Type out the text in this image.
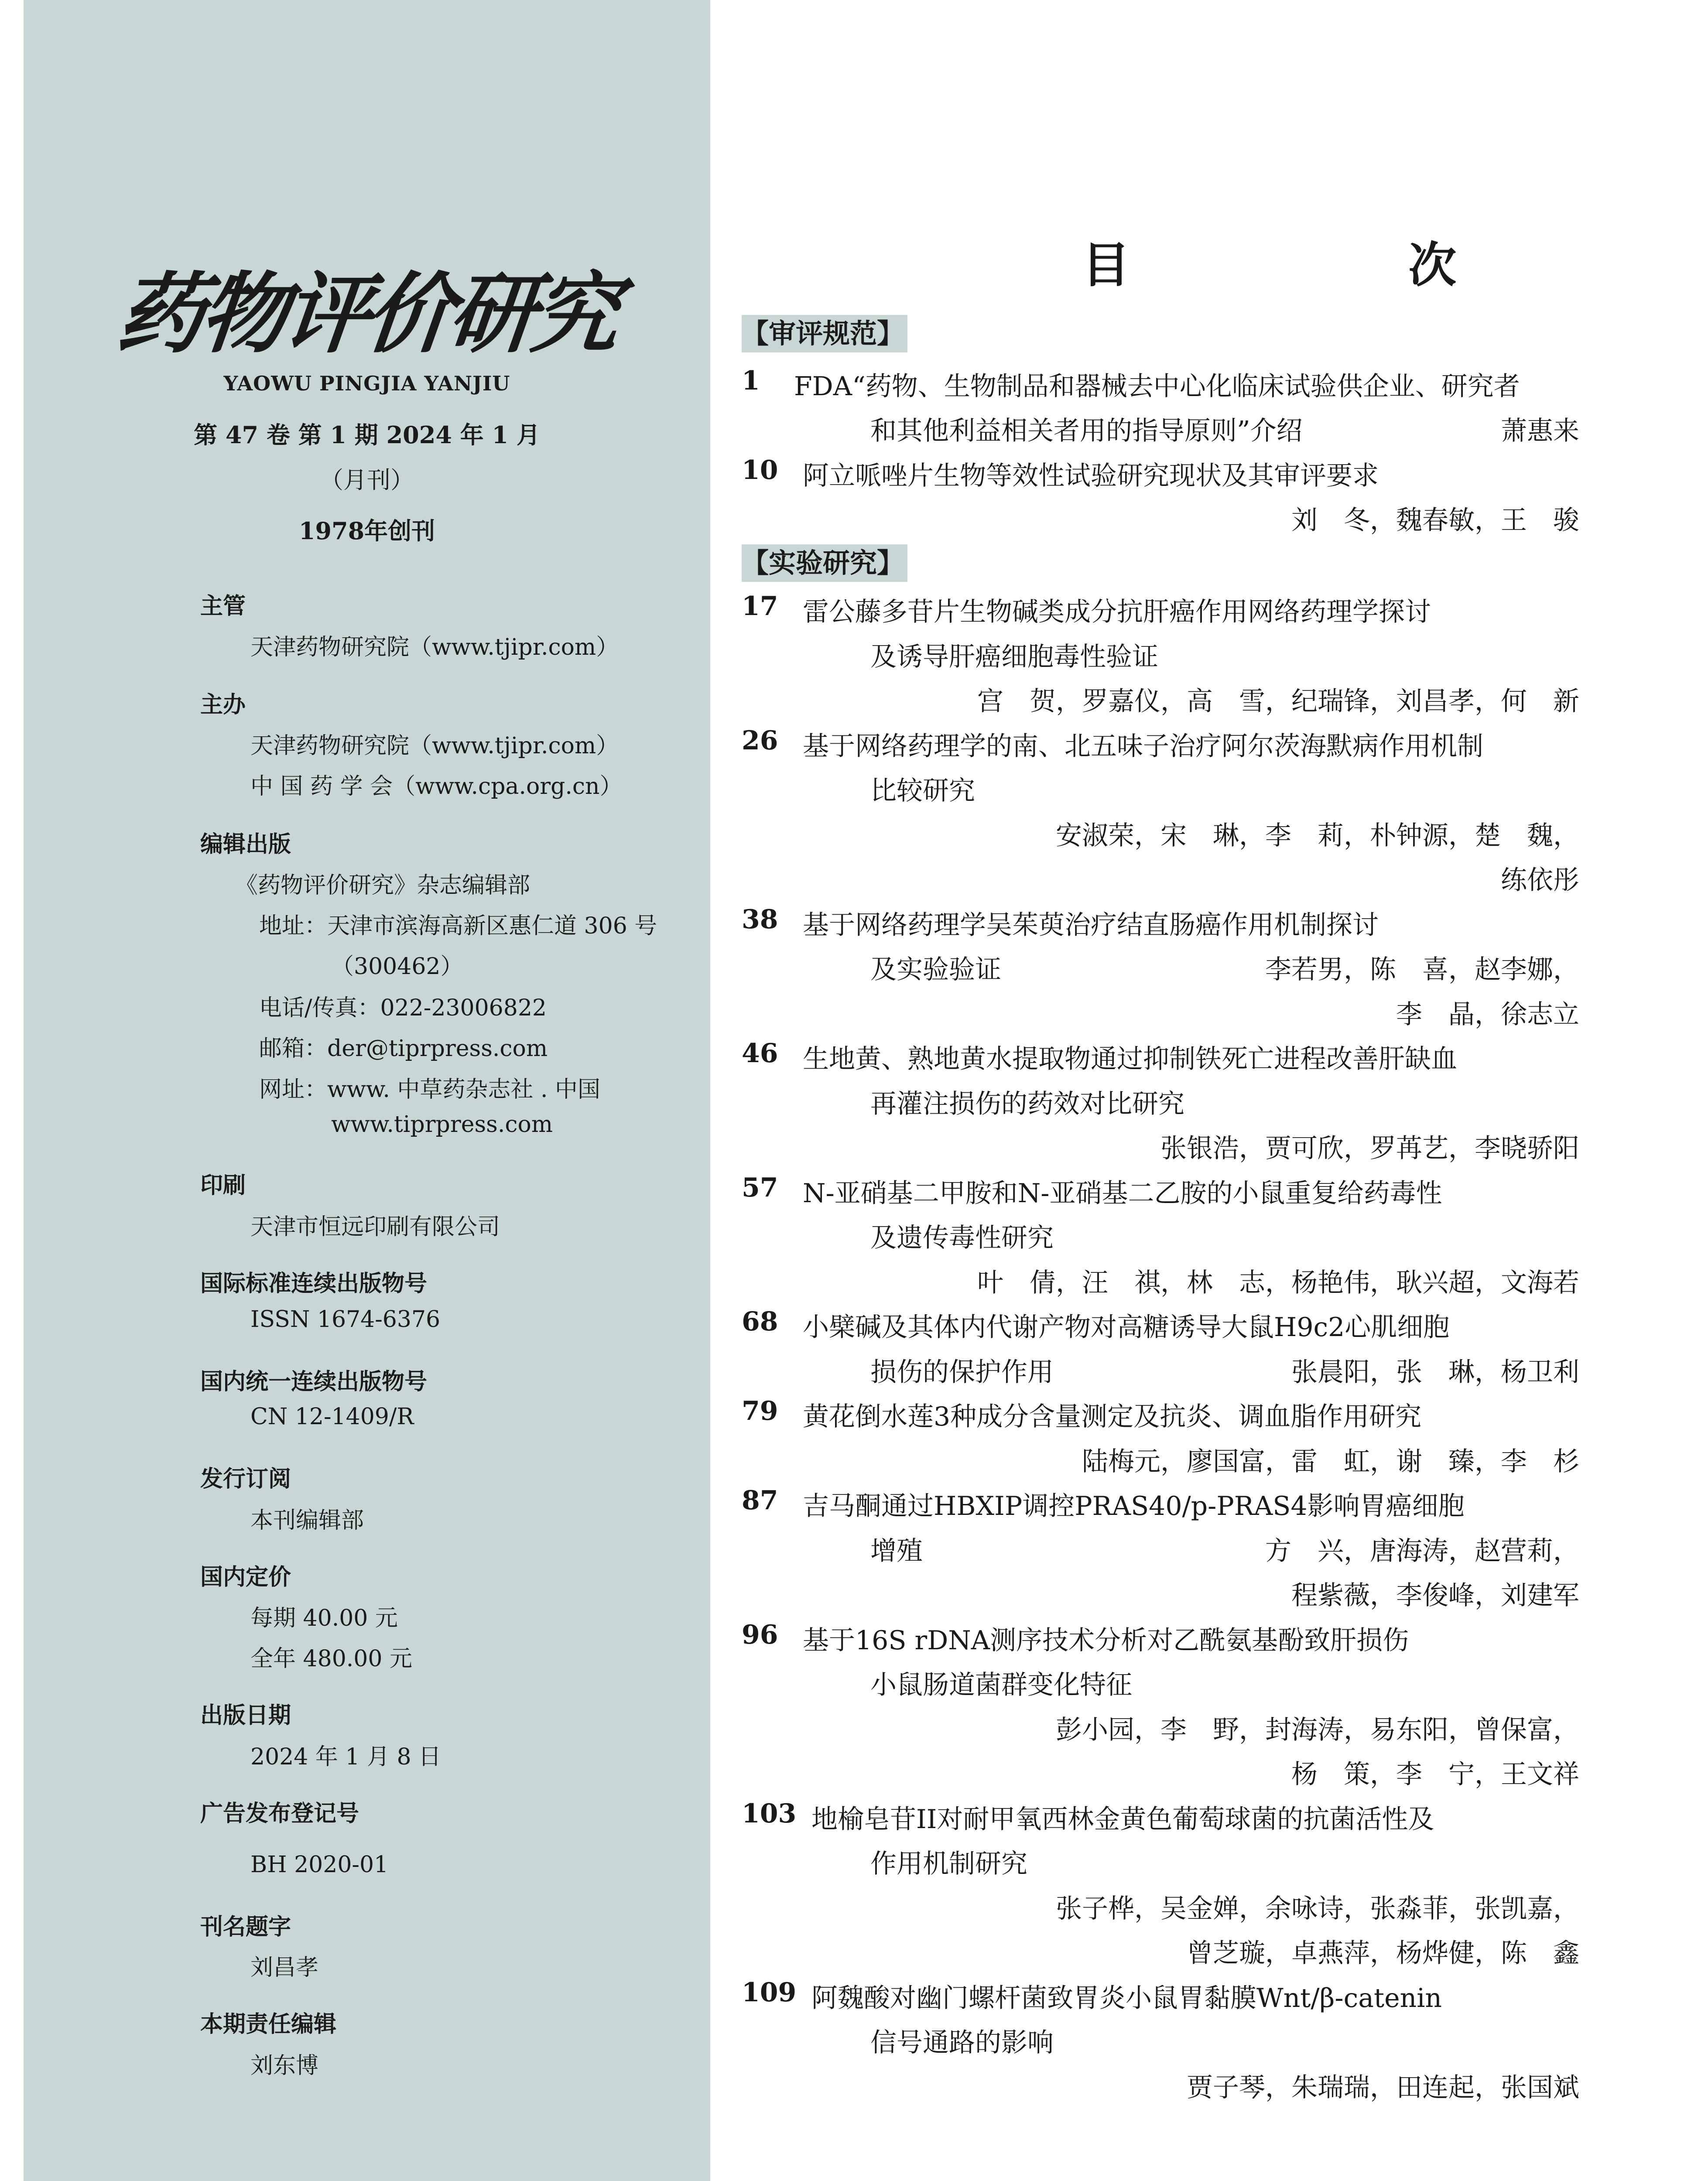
药物评价研究
YAOWU PINGJIA YANJIU
第 47 卷 第 1 期 2024 年 1 月
（月刊）
1978年创刊
主管
天津药物研究院（www.tjipr.com）
主办
天津药物研究院（www.tjipr.com）
中 国 药 学 会（www.cpa.org.cn）
编辑出版
《药物评价研究》杂志编辑部
地址：天津市滨海高新区惠仁道 306 号
（300462）
电话/传真：022-23006822
邮箱：der@tiprpress.com
网址：www. 中草药杂志社 . 中国
www.tiprpress.com
印刷
天津市恒远印刷有限公司
国际标准连续出版物号
ISSN 1674-6376
国内统一连续出版物号
CN 12-1409/R
发行订阅
本刊编辑部
国内定价
每期 40.00 元
全年 480.00 元
出版日期
2024 年 1 月 8 日
广告发布登记号
BH 2020-01
刊名题字
刘昌孝
本期责任编辑
刘东博
目 次
【审评规范】
1 FDA“药物、生物制品和器械去中心化临床试验供企业、研究者
和其他利益相关者用的指导原则”介绍	萧惠来
10 阿立哌唑片生物等效性试验研究现状及其审评要求
刘　冬，魏春敏，王　骏
【实验研究】
17 雷公藤多苷片生物碱类成分抗肝癌作用网络药理学探讨
及诱导肝癌细胞毒性验证
宫　贺，罗嘉仪，高　雪，纪瑞锋，刘昌孝，何　新
26 基于网络药理学的南、北五味子治疗阿尔茨海默病作用机制
比较研究
安淑荣，宋　琳，李　莉，朴钟源，楚　魏，
练依彤
38 基于网络药理学吴茱萸治疗结直肠癌作用机制探讨
及实验验证	李若男，陈　喜，赵李娜，
李　晶，徐志立
46 生地黄、熟地黄水提取物通过抑制铁死亡进程改善肝缺血
再灌注损伤的药效对比研究
张银浩，贾可欣，罗苒艺，李晓骄阳
57 N-亚硝基二甲胺和N-亚硝基二乙胺的小鼠重复给药毒性
及遗传毒性研究
叶　倩，汪　祺，林　志，杨艳伟，耿兴超，文海若
68 小檗碱及其体内代谢产物对高糖诱导大鼠H9c2心肌细胞
损伤的保护作用	张晨阳，张　琳，杨卫利
79 黄花倒水莲3种成分含量测定及抗炎、调血脂作用研究
陆梅元，廖国富，雷　虹，谢　臻，李　杉
87 吉马酮通过HBXIP调控PRAS40/p-PRAS4影响胃癌细胞
增殖	方　兴，唐海涛，赵营莉，
程紫薇，李俊峰，刘建军
96 基于16S rDNA测序技术分析对乙酰氨基酚致肝损伤
小鼠肠道菌群变化特征
彭小园，李　野，封海涛，易东阳，曾保富，
杨　策，李　宁，王文祥
103 地榆皂苷II对耐甲氧西林金黄色葡萄球菌的抗菌活性及
作用机制研究
张子桦，吴金婵，余咏诗，张淼菲，张凯嘉，
曾芝璇，卓燕萍，杨烨健，陈　鑫
109 阿魏酸对幽门螺杆菌致胃炎小鼠胃黏膜Wnt/β-catenin
信号通路的影响
贾子琴，朱瑞瑞，田连起，张国斌
